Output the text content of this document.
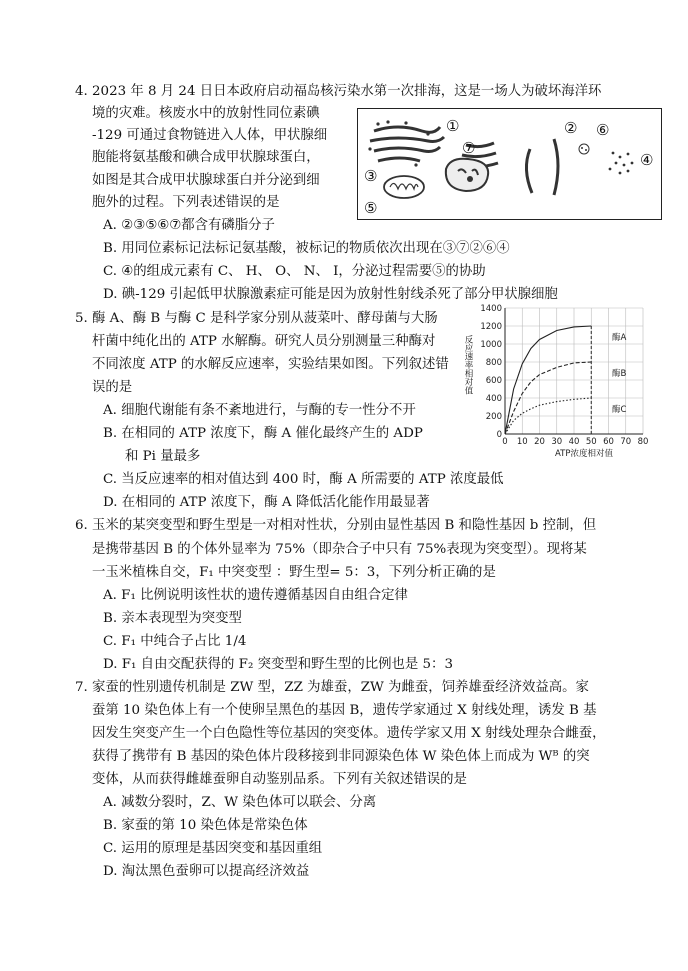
4. 2023 年 8 月 24 日日本政府启动福岛核污染水第一次排海，这是一场人为破坏海洋环
境的灾难。核废水中的放射性同位素碘
-129 可通过食物链进入人体，甲状腺细
胞能将氨基酸和碘合成甲状腺球蛋白，
如图是其合成甲状腺球蛋白并分泌到细
胞外的过程。下列表述错误的是
A. ②③⑤⑥⑦都含有磷脂分子
B. 用同位素标记法标记氨基酸，被标记的物质依次出现在③⑦②⑥④
C. ④的组成元素有 C、 H、 O、 N、 I，分泌过程需要⑤的协助
D. 碘-129 引起低甲状腺激素症可能是因为放射性射线杀死了部分甲状腺细胞
①	②
③
④
⑤
⑥
⑦
5. 酶 A、酶 B 与酶 C 是科学家分别从菠菜叶、酵母菌与大肠
杆菌中纯化出的 ATP 水解酶。研究人员分别测量三种酶对
不同浓度 ATP 的水解反应速率，实验结果如图。下列叙述错
误的是
A. 细胞代谢能有条不紊地进行，与酶的专一性分不开
B. 在相同的 ATP 浓度下，酶 A 催化最终产生的 ADP
和 Pi 量最多
C. 当反应速率的相对值达到 400 时，酶 A 所需要的 ATP 浓度最低
D. 在相同的 ATP 浓度下，酶 A 降低活化能作用最显著
反应速率相对值
0
200
400
600
800
1000
1200
1400
0 10 20 30 40 50 60 70 80
ATP浓度相对值
酶A
酶B
酶C
6. 玉米的某突变型和野生型是一对相对性状，分别由显性基因 B 和隐性基因 b 控制，但
是携带基因 B 的个体外显率为 75%（即杂合子中只有 75%表现为突变型）。现将某
一玉米植株自交，F₁ 中突变型 ：野生型= 5：3，下列分析正确的是
A. F₁ 比例说明该性状的遗传遵循基因自由组合定律
B. 亲本表现型为突变型
C. F₁ 中纯合子占比 1/4
D. F₁ 自由交配获得的 F₂ 突变型和野生型的比例也是 5：3
7. 家蚕的性别遗传机制是 ZW 型，ZZ 为雄蚕，ZW 为雌蚕，饲养雄蚕经济效益高。家
蚕第 10 染色体上有一个使卵呈黑色的基因 B，遗传学家通过 X 射线处理，诱发 B 基
因发生突变产生一个白色隐性等位基因的突变体。遗传学家又用 X 射线处理杂合雌蚕，
获得了携带有 B 基因的染色体片段移接到非同源染色体 W 染色体上而成为 Wᴮ 的突
变体，从而获得雌雄蚕卵自动鉴别品系。下列有关叙述错误的是
A. 减数分裂时，Z、W 染色体可以联会、分离
B. 家蚕的第 10 染色体是常染色体
C. 运用的原理是基因突变和基因重组
D. 淘汰黑色蚕卵可以提高经济效益
